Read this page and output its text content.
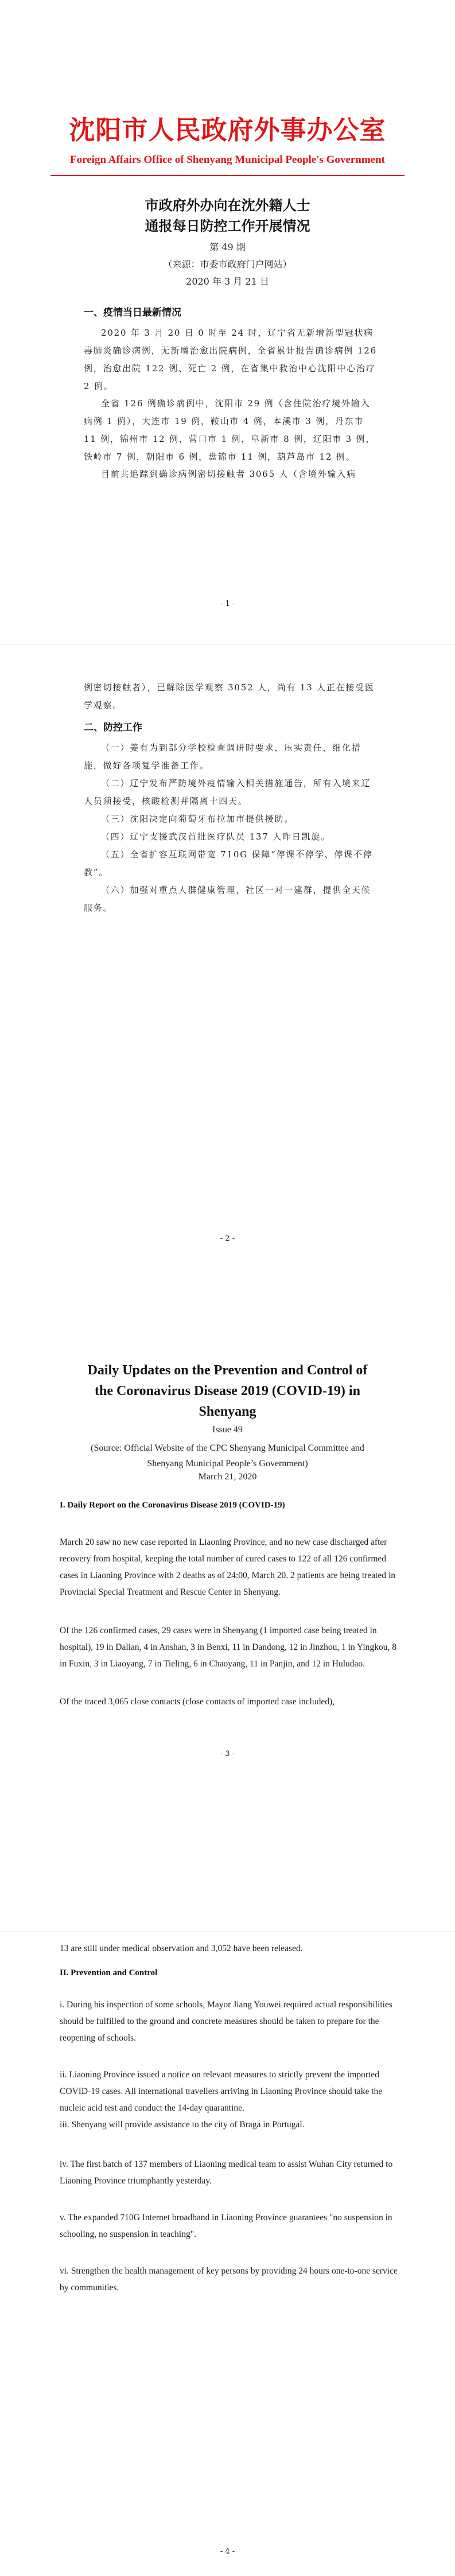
沈阳市人民政府外事办公室
Foreign Affairs Office of Shenyang Municipal People's Government
市政府外办向在沈外籍人士
通报每日防控工作开展情况
第 49 期
（来源：市委市政府门户网站）
2020 年 3 月 21 日
一、疫情当日最新情况

2020 年 3 月 20 日 0 时至 24 时，辽宁省无新增新型冠状病毒肺炎确诊病例，无新增治愈出院病例，全省累计报告确诊病例 126 例，治愈出院 122 例、死亡 2 例，在省集中救治中心沈阳中心治疗 2 例。

全省 126 例确诊病例中，沈阳市 29 例（含住院治疗境外输入病例 1 例），大连市 19 例，鞍山市 4 例，本溪市 3 例，丹东市 11 例，锦州市 12 例，营口市 1 例，阜新市 8 例，辽阳市 3 例，铁岭市 7 例，朝阳市 6 例，盘锦市 11 例，葫芦岛市 12 例。

目前共追踪到确诊病例密切接触者 3065 人（含境外输入病

- 1 -

例密切接触者），已解除医学观察 3052 人，尚有 13 人正在接受医学观察。

二、防控工作

（一）姜有为到部分学校检查调研时要求，压实责任，细化措施，做好各项复学准备工作。

（二）辽宁发布严防境外疫情输入相关措施通告，所有入境来辽人员须接受，核酸检测并隔离十四天。

（三）沈阳决定向葡萄牙布拉加市提供援助。

（四）辽宁支援武汉首批医疗队员 137 人昨日凯旋。

（五）全省扩容互联网带宽 710G 保障“停课不停学、停课不停教”。

（六）加强对重点人群健康管理，社区一对一建群，提供全天候服务。

- 2 -
Daily Updates on the Prevention and Control of
the Coronavirus Disease 2019 (COVID-19) in
Shenyang
Issue 49
(Source: Official Website of the CPC Shenyang Municipal Committee and
Shenyang Municipal People’s Government)
March 21, 2020
I. Daily Report on the Coronavirus Disease 2019 (COVID-19)

March 20 saw no new case reported in Liaoning Province, and no new case discharged after recovery from hospital, keeping the total number of cured cases to 122 of all 126 confirmed cases in Liaoning Province with 2 deaths as of 24:00, March 20. 2 patients are being treated in Provincial Special Treatment and Rescue Center in Shenyang.

Of the 126 confirmed cases, 29 cases were in Shenyang (1 imported case being treated in hospital), 19 in Dalian, 4 in Anshan, 3 in Benxi, 11 in Dandong, 12 in Jinzhou, 1 in Yingkou, 8 in Fuxin, 3 in Liaoyang, 7 in Tieling, 6 in Chaoyang, 11 in Panjin, and 12 in Huludao.

Of the traced 3,065 close contacts (close contacts of imported case included),

- 3 -

13 are still under medical observation and 3,052 have been released.

II. Prevention and Control

i. During his inspection of some schools, Mayor Jiang Youwei required actual responsibilities should be fulfilled to the ground and concrete measures should be taken to prepare for the reopening of schools.

ii. Liaoning Province issued a notice on relevant measures to strictly prevent the imported COVID-19 cases. All international travellers arriving in Liaoning Province should take the nucleic acid test and conduct the 14-day quarantine.

iii. Shenyang will provide assistance to the city of Braga in Portugal.

iv. The first batch of 137 members of Liaoning medical team to assist Wuhan City returned to Liaoning Province triumphantly yesterday.

v. The expanded 710G Internet broadband in Liaoning Province guarantees "no suspension in schooling, no suspension in teaching".

vi. Strengthen the health management of key persons by providing 24 hours one-to-one service by communities.

- 4 -
